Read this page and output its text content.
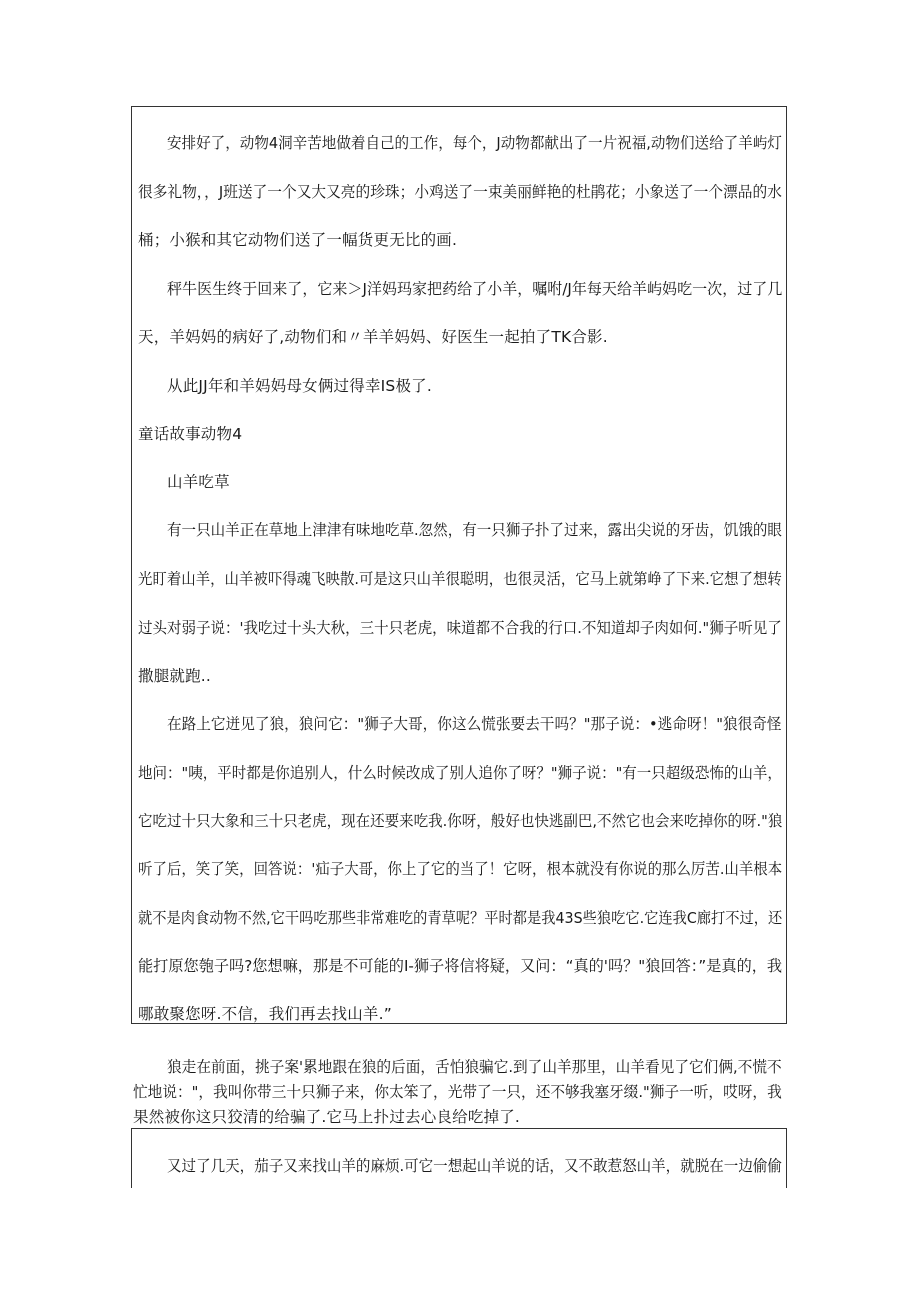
安排好了，动物4洞辛苦地做着自己的工作，每个，J动物都献出了一片祝福,动物们送给了羊屿灯
很多礼物，，J班送了一个又大又亮的珍珠；小鸡送了一束美丽鲜艳的杜鹃花；小象送了一个漂品的水
桶；小猴和其它动物们送了一幅货更无比的画.
秤牛医生终于回来了，它来＞J洋妈玛家把药给了小羊，嘱咐/J年每天给羊屿妈吃一次，过了几
天，羊妈妈的病好了,动物们和〃羊羊妈妈、好医生一起拍了TK合影.
从此JJ年和羊妈妈母女俩过得幸IS极了.
童话故事动物4
山羊吃草
有一只山羊正在草地上津津有味地吃草.忽然，有一只狮子扑了过来，露出尖说的牙齿，饥饿的眼
光盯着山羊，山羊被吓得魂飞映散.可是这只山羊很聪明，也很灵活，它马上就第峥了下来.它想了想转
过头对弱子说：'我吃过十头大秋，三十只老虎，味道都不合我的行口.不知道却子肉如何."狮子听见了
撒腿就跑..
在路上它迸见了狼，狼问它："狮子大哥，你这么慌张要去干吗？"那子说：•逃命呀！"狼很奇怪
地问："咦，平时都是你追别人，什么时候改成了别人追你了呀？"狮子说："有一只超级恐怖的山羊，
它吃过十只大象和三十只老虎，现在还要来吃我.你呀，般好也快逃副巴,不然它也会来吃掉你的呀."狼
听了后，笑了笑，回答说：'疝子大哥，你上了它的当了！它呀，根本就没有你说的那么厉苦.山羊根本
就不是肉食动物不然,它干吗吃那些非常难吃的青草呢？平时都是我43S些狼吃它.它连我C廊打不过，还
能打原您匏子吗?您想嘛，那是不可能的I-狮子将信将疑，又问：“真的'吗？"狼回答：”是真的，我
哪敢聚您呀.不信，我们再去找山羊.”
狼走在前面，挑子案'累地跟在狼的后面，舌怕狼骗它.到了山羊那里，山羊看见了它们俩,不慌不
忙地说："，我叫你带三十只狮子来，你太笨了，光带了一只，还不够我塞牙缀."狮子一听，哎呀，我
果然被你这只狡清的给骗了.它马上扑过去心良给吃掉了.
又过了几天，茄子又来找山羊的麻烦.可它一想起山羊说的话，又不敢惹怒山羊，就脱在一边偷偷
